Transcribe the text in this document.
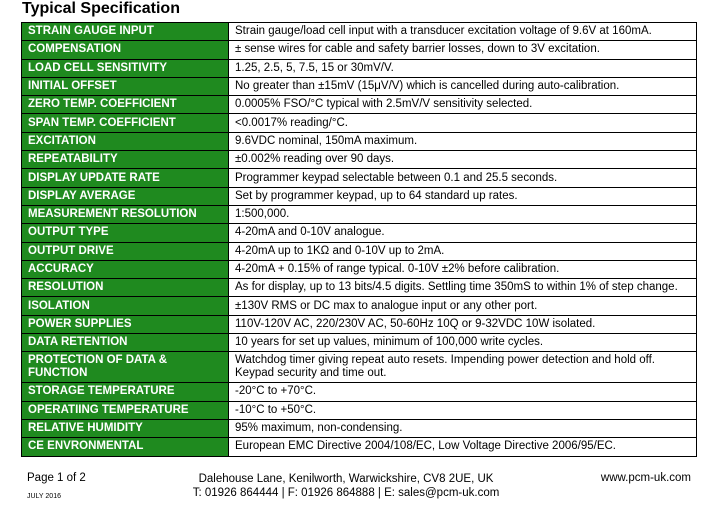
Typical Specification
STRAIN GAUGE INPUT	Strain gauge/load cell input with a transducer excitation voltage of 9.6V at 160mA.
COMPENSATION	± sense wires for cable and safety barrier losses, down to 3V excitation.
LOAD CELL SENSITIVITY	1.25, 2.5, 5, 7.5, 15 or 30mV/V.
INITIAL OFFSET	No greater than ±15mV (15μV/V) which is cancelled during auto-calibration.
ZERO TEMP. COEFFICIENT	0.0005% FSO/°C typical with 2.5mV/V sensitivity selected.
SPAN TEMP. COEFFICIENT	<0.0017% reading/°C.
EXCITATION	9.6VDC nominal, 150mA maximum.
REPEATABILITY	±0.002% reading over 90 days.
DISPLAY UPDATE RATE	Programmer keypad selectable between 0.1 and 25.5 seconds.
DISPLAY AVERAGE	Set by programmer keypad, up to 64 standard up rates.
MEASUREMENT RESOLUTION	1:500,000.
OUTPUT TYPE	4-20mA and 0-10V analogue.
OUTPUT DRIVE	4-20mA up to 1KΩ and 0-10V up to 2mA.
ACCURACY	4-20mA + 0.15% of range typical. 0-10V ±2% before calibration.
RESOLUTION	As for display, up to 13 bits/4.5 digits. Settling time 350mS to within 1% of step change.
ISOLATION	±130V RMS or DC max to analogue input or any other port.
POWER SUPPLIES	110V-120V AC, 220/230V AC, 50-60Hz 10Q or 9-32VDC 10W isolated.
DATA RETENTION	10 years for set up values, minimum of 100,000 write cycles.
PROTECTION OF DATA & FUNCTION	Watchdog timer giving repeat auto resets. Impending power detection and hold off. Keypad security and time out.
STORAGE TEMPERATURE	-20°C to +70°C.
OPERATIING TEMPERATURE	-10°C to +50°C.
RELATIVE HUMIDITY	95% maximum, non-condensing.
CE ENVRONMENTAL	European EMC Directive 2004/108/EC, Low Voltage Directive 2006/95/EC.
Page 1 of 2
JULY 2016
Dalehouse Lane, Kenilworth, Warwickshire, CV8 2UE, UK
T: 01926 864444 | F: 01926 864888 | E: sales@pcm-uk.com
www.pcm-uk.com
